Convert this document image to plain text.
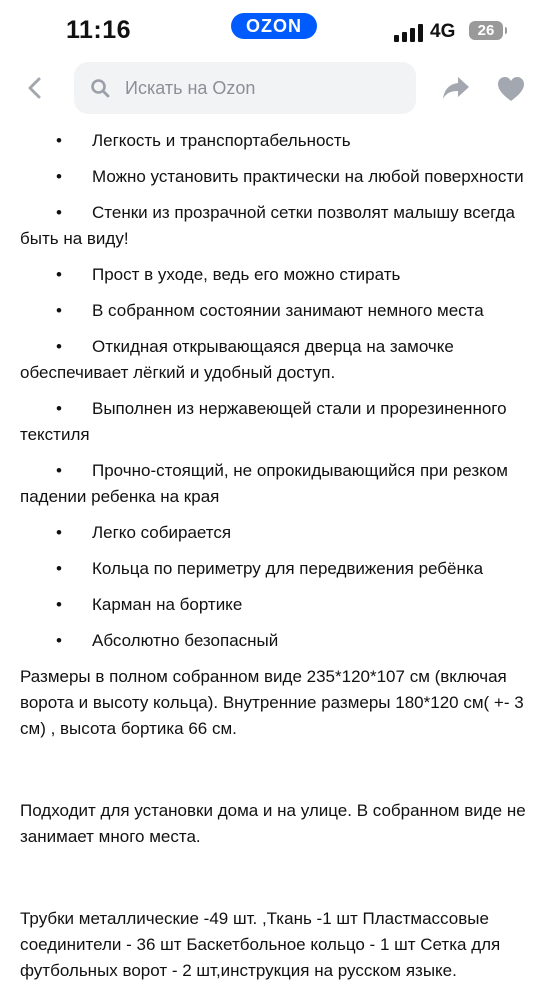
11:16	OZON	4G 26
Искать на Ozon
•	Легкость и транспортабельность
•	Можно установить практически на любой поверхности
•	Стенки из прозрачной сетки позволят малышу всегда быть на виду!
•	Прост в уходе, ведь его можно стирать
•	В собранном состоянии занимают немного места
•	Откидная открывающаяся дверца на замочке обеспечивает лёгкий и удобный доступ.
•	Выполнен из нержавеющей стали и прорезиненного текстиля
•	Прочно-стоящий, не опрокидывающийся при резком падении ребенка на края
•	Легко собирается
•	Кольца по периметру для передвижения ребёнка
•	Карман на бортике
•	Абсолютно безопасный
Размеры в полном собранном виде 235*120*107 см (включая ворота и высоту кольца). Внутренние размеры 180*120 см( +- 3 см) , высота бортика 66 см.
Подходит для установки дома и на улице. В собранном виде не занимает много места.
Трубки металлические -49 шт. ,Ткань -1 шт Пластмассовые соединители - 36 шт Баскетбольное кольцо - 1 шт Сетка для футбольных ворот - 2 шт,инструкция на русском языке.
